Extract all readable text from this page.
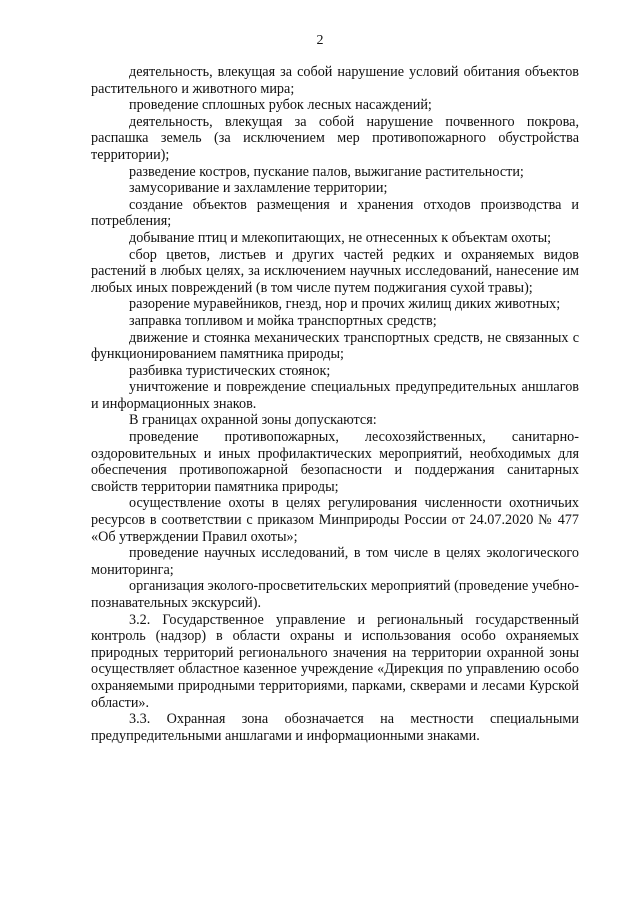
2

деятельность, влекущая за собой нарушение условий обитания объектов растительного и животного мира;

проведение сплошных рубок лесных насаждений;

деятельность, влекущая за собой нарушение почвенного покрова, распашка земель (за исключением мер противопожарного обустройства территории);

разведение костров, пускание палов, выжигание растительности;

замусоривание и захламление территории;

создание объектов размещения и хранения отходов производства и потребления;

добывание птиц и млекопитающих, не отнесенных к объектам охоты;

сбор цветов, листьев и других частей редких и охраняемых видов растений в любых целях, за исключением научных исследований, нанесение им любых иных повреждений (в том числе путем поджигания сухой травы);

разорение муравейников, гнезд, нор и прочих жилищ диких животных;

заправка топливом и мойка транспортных средств;

движение и стоянка механических транспортных средств, не связанных с функционированием памятника природы;

разбивка туристических стоянок;

уничтожение и повреждение специальных предупредительных аншлагов и информационных знаков.

В границах охранной зоны допускаются:

проведение противопожарных, лесохозяйственных, санитарно-оздоровительных и иных профилактических мероприятий, необходимых для обеспечения противопожарной безопасности и поддержания санитарных свойств территории памятника природы;

осуществление охоты в целях регулирования численности охотничьих ресурсов в соответствии с приказом Минприроды России от 24.07.2020 № 477 «Об утверждении Правил охоты»;

проведение научных исследований, в том числе в целях экологического мониторинга;

организация эколого-просветительских мероприятий (проведение учебно-познавательных экскурсий).

3.2. Государственное управление и региональный государственный контроль (надзор) в области охраны и использования особо охраняемых природных территорий регионального значения на территории охранной зоны осуществляет областное казенное учреждение «Дирекция по управлению особо охраняемыми природными территориями, парками, скверами и лесами Курской области».

3.3. Охранная зона обозначается на местности специальными предупредительными аншлагами и информационными знаками.
